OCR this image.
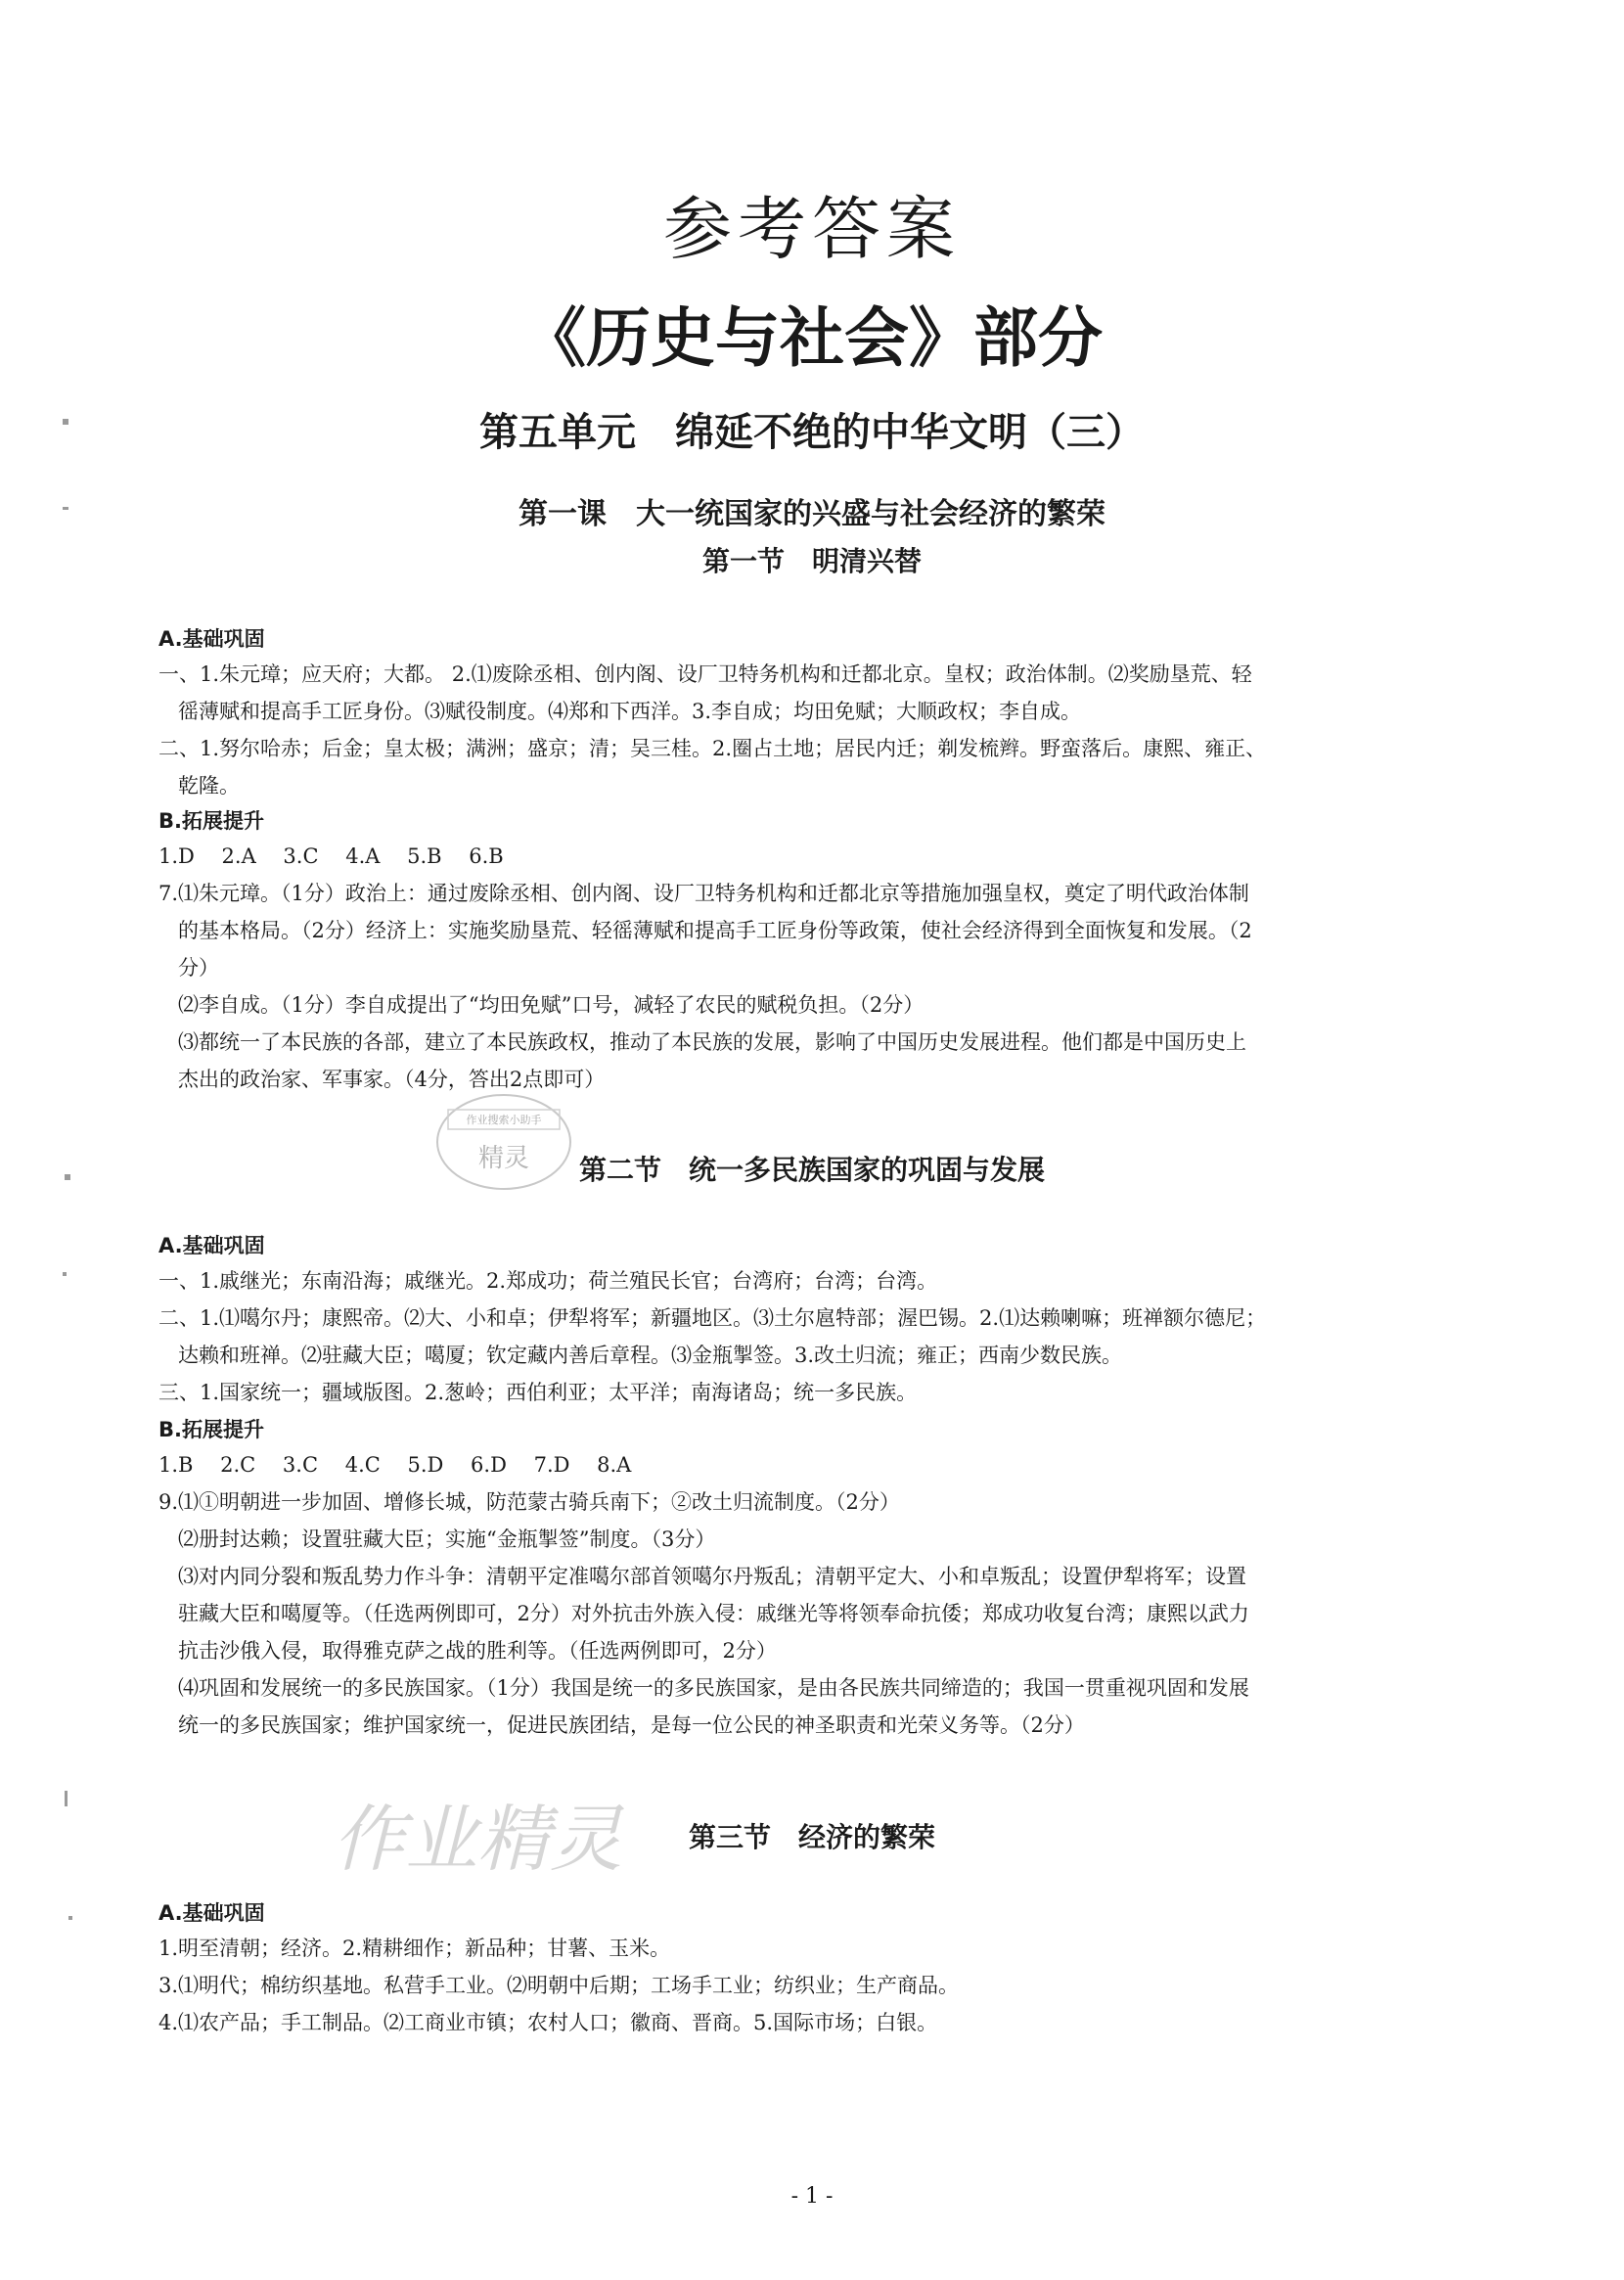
参考答案
《历史与社会》部分
第五单元　绵延不绝的中华文明（三）
第一课　大一统国家的兴盛与社会经济的繁荣
第一节　明清兴替
A.基础巩固
一、1.朱元璋；应天府；大都。 2.⑴废除丞相、创内阁、设厂卫特务机构和迁都北京。皇权；政治体制。⑵奖励垦荒、轻
徭薄赋和提高手工匠身份。⑶赋役制度。⑷郑和下西洋。3.李自成；均田免赋；大顺政权；李自成。
二、1.努尔哈赤；后金；皇太极；满洲；盛京；清；吴三桂。2.圈占土地；居民内迁；剃发梳辫。野蛮落后。康熙、雍正、
乾隆。
B.拓展提升
1.D　 2.A　 3.C　 4.A　 5.B　 6.B
7.⑴朱元璋。（1分）政治上：通过废除丞相、创内阁、设厂卫特务机构和迁都北京等措施加强皇权，奠定了明代政治体制
的基本格局。（2分）经济上：实施奖励垦荒、轻徭薄赋和提高手工匠身份等政策，使社会经济得到全面恢复和发展。（2
分）
⑵李自成。（1分）李自成提出了“均田免赋”口号，减轻了农民的赋税负担。（2分）
⑶都统一了本民族的各部，建立了本民族政权，推动了本民族的发展，影响了中国历史发展进程。他们都是中国历史上
杰出的政治家、军事家。（4分，答出2点即可）
第二节　统一多民族国家的巩固与发展
A.基础巩固
一、1.戚继光；东南沿海；戚继光。2.郑成功；荷兰殖民长官；台湾府；台湾；台湾。
二、1.⑴噶尔丹；康熙帝。⑵大、小和卓；伊犁将军；新疆地区。⑶土尔扈特部；渥巴锡。2.⑴达赖喇嘛；班禅额尔德尼；
达赖和班禅。⑵驻藏大臣；噶厦；钦定藏内善后章程。⑶金瓶掣签。3.改土归流；雍正；西南少数民族。
三、1.国家统一；疆域版图。2.葱岭；西伯利亚；太平洋；南海诸岛；统一多民族。
B.拓展提升
1.B　 2.C　 3.C　 4.C　 5.D　 6.D　 7.D　 8.A
9.⑴①明朝进一步加固、增修长城，防范蒙古骑兵南下；②改土归流制度。（2分）
⑵册封达赖；设置驻藏大臣；实施“金瓶掣签”制度。（3分）
⑶对内同分裂和叛乱势力作斗争：清朝平定准噶尔部首领噶尔丹叛乱；清朝平定大、小和卓叛乱；设置伊犁将军；设置
驻藏大臣和噶厦等。（任选两例即可，2分）对外抗击外族入侵：戚继光等将领奉命抗倭；郑成功收复台湾；康熙以武力
抗击沙俄入侵，取得雅克萨之战的胜利等。（任选两例即可，2分）
⑷巩固和发展统一的多民族国家。（1分）我国是统一的多民族国家，是由各民族共同缔造的；我国一贯重视巩固和发展
统一的多民族国家；维护国家统一，促进民族团结，是每一位公民的神圣职责和光荣义务等。（2分）
第三节　经济的繁荣
A.基础巩固
1.明至清朝；经济。2.精耕细作；新品种；甘薯、玉米。
3.⑴明代；棉纺织基地。私营手工业。⑵明朝中后期；工场手工业；纺织业；生产商品。
4.⑴农产品；手工制品。⑵工商业市镇；农村人口；徽商、晋商。5.国际市场；白银。
作业精灵
作业搜索小助手
精灵
- 1 -
